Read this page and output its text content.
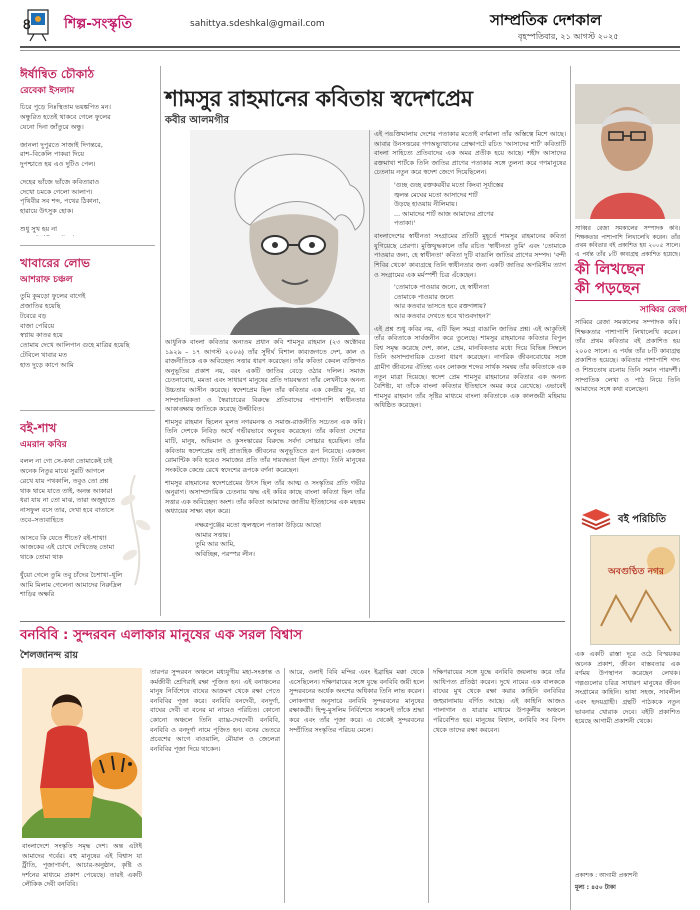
৪ শিল্প-সংস্কৃতি	sahittya.sdeshkal@gmail.com	সাম্প্রতিক দেশকাল
বৃহস্পতিবার, ২১ আগস্ট ২০২৫
ঈর্ষান্বিত চৌকাঠ
রেবেকা ইসলাম
চিরে পুড়ে নিঃস্থিতাম ভয়ঙ্কপিত মন।
অন্ধুরিত হতেই থাকবে গেলে ফুলের
যেনো দিনা জাঁতুরে অন্ধু।
জানলা দুপুরতে সাজাই দিগন্তরে,
রাশ–বিকেলি পাকরা দিয়ে
দুপশ্চাতে হয় এও দুটিও পেল।
দেহের ভাঁজে ভাঁজে কবিতারাও
দেখো চমকে গেলো আলাপ।
পৃথিবীর সব শব্দ, পথের ঠিকানা,
হারায়ে উৎসুক হোক।
শুধু সুখ হয় না
খাবারের লোভ
আশরাফ চঞ্চল
তুমি কুমড়ো ফুলের বাগেই
প্রজাতির হয়েছি
টবেরে বড়
বাজা পেরিয়ে
স্বপ্নায় কাতর হয়ে
তোমায় দেখে আলিপান গুহে মাত্রির হয়েছি
টেবিলে খাবার মত
হাত দুড়ে কাপে আমি
বই-শাখ
এমরান কবির
বলল না গো সে-কথা তোমাকেই চাই
অনেক নিতুর মাঝে সুরটি আগলে
রেখে যায় পথকালি, তবুও তো প্রশ্ন
থাক থামে যাতে তাই, অনন্ত আকার!
ধরা যায় না তো মাঝ, তারা অজুহাতে
নাসফুল বসে তার, দেখা হবে বাতাসে
তবে–সত্যবাহিতে
আসবে কি যেতে শীতে? বই-শাখা!
আজকের এই চোখে দেখিতেছ তোমা
থাকে তোমা থাক
ধুঁয়ো গেলে তুমি তবু চাঁদের চৈশাখা–ধূলি
আমি মিলাম গেলেনা আমাদের নিরুদ্রিল
শাড়ির অক্ষরি
শামসুর রাহমানের কবিতায় স্বদেশপ্রেম
কবীর আলমগীর

আধুনিক বাংলা কবিতার অন্যতম প্রধান কবি শামসুর রাহমান (২৩ অক্টোবর ১৯২৯ – ১৭ আগস্ট ২০০৬) তাঁর সুদীর্ঘ বিশাল কাব্যজগতে দেশ, কাল ও রাজনীতিকে এক অবিচ্ছেদ্য সত্তার ধারণ করেছেন। তাঁর কবিতা কেবল ব্যক্তিগত অনুভূতির প্রকাশ নয়, বরং একটি জাতির বেড়ে ওঠার দলিল। সমাজ চেতনাবোধ, মমতা এবং সাধারণ মানুষের প্রতি দায়বদ্ধতা তাঁর লেখনীকে অনন্য উচ্চতায় আসীন করেছে। স্বদেশপ্রেম ছিল তাঁর কবিতার এক কেন্দ্রীয় সুর, যা সাম্প্রদায়িকতা ও স্বৈরাচারের বিরুদ্ধে প্রতিবাদের পাশাপাশি স্বাধীনতার আকাঙ্ক্ষায় জাতিকে করেছে উজ্জীবিত।

শামসুর রাহমান ছিলেন মূলত নগরমনস্ক ও সমাজ-রাজনীতি সচেতন এক কবি। তিনি দেশকে নিবিড় অর্থে গভীরভাবে অনুভব করেছেন। তাঁর কবিতা দেশের মাটি, মানুষ, অভিমান ও কুসংস্কারের বিরুদ্ধে সর্বদা সোচ্চার হয়েছিল। তাঁর কবিতায় স্বদেশপ্রেম তাই প্রাত্যহিক জীবনের অনুভূতিতে রূপ নিয়েছে। একজন রোমান্টিক কবি হয়েও সমাজের প্রতি তাঁর দায়বদ্ধতা ছিল প্রগাঢ়। তিনি মানুষের সংকটকে কেন্দ্রে রেখে স্বদেশের রূপকে বর্ণনা করেছেন।

শামসুর রাহমানের স্বদেশপ্রেমের উৎস ছিল তাঁর আত্ম ও সংস্কৃতির প্রতি গভীর অনুরাগ। অসাম্প্রদায়িক চেতনায় ঋদ্ধ এই কবির কাছে বাংলা কবিতা ছিল তাঁর সত্তার এক অবিচ্ছেদ্য অংশ। তাঁর কবিতা আমাদের জাতীয় ইতিহাসের এক মহত্তম অধ্যায়ের সাক্ষ্য বহন করে।

নক্ষত্রপুঞ্জের মতো জ্বলজ্বলে পতাকা উড়িয়ে আছো
আমার সত্তায়।
তুমি আর আমি,
অবিচ্ছিন্ন, পরস্পর লীন।

এই পঙক্তিমালায় দেশের পতাকার মতোই বর্ণমালা তাঁর অস্তিত্বে মিশে আছে। আবার উনসত্তরের গণঅভ্যুত্থানের প্রেক্ষাপটে রচিত 'আসাদের শার্ট' কবিতাটি বাংলা সাহিত্যে প্রতিবাদের এক অমর প্রতীক হয়ে আছে। শহীদ আসাদের রক্তমাখা শার্টকে তিনি জাতির প্রাণের পতাকার সঙ্গে তুলনা করে গণমানুষের চেতনায় নতুন করে স্বদেশ জেগে দিয়েছিলেন।

'গুচ্ছ গুচ্ছ রক্তকরবীর মতো কিংবা সূর্যাস্তের
জ্বলন্ত মেঘের মতো আসাদের শার্ট
উড়ছে হাওয়ায় নীলিমায়।
... আমাদের শার্ট আজ আমাদের প্রাণের
পতাকা।'

বাংলাদেশের স্বাধীনতা সংগ্রামের প্রতিটি মুহূর্তে শামসুর রাহমানের কবিতা যুগিয়েছে প্রেরণা। মুক্তিযুদ্ধকালে তাঁর রচিত 'স্বাধীনতা তুমি' এবং 'তোমাকে পাওয়ার জন্য, হে স্বাধীনতা' কবিতা দুটি বাঙালি জাতির প্রাণের সম্পদ। 'বন্দী শিবির থেকে' কাব্যগ্রন্থে তিনি স্বাধীনতার জন্য একটি জাতির অপরিসীম ত্যাগ ও সংগ্রামের এক মর্মস্পর্শী চিত্র এঁকেছেন।

'তোমাকে পাওয়ার জন্যে, হে স্বাধীনতা
তোমাকে পাওয়ার জন্যে
আর কতবার ভাসতে হবে রক্তগঙ্গায়?
আর কতবার দেখতে হবে খাণ্ডবদাহন?'

এই প্রশ্ন শুধু কবির নয়, এটি ছিল সমগ্র বাঙালি জাতির প্রশ্ন। এই আকুতিই তাঁর কবিতাকে সার্বজনীন করে তুলেছে। শামসুর রাহমানের কবিতার বিপুল বিশ্ব সমৃদ্ধ করেছে দেশ, কাল, প্রেম, মানবিকতার মধ্যে দিয়ে বিভিন্ন সিম্বলে তিনি অসাম্প্রদায়িক চেতনা ধারণ করেছেন। নাগরিক জীবনবোধের সঙ্গে গ্রামীণ জীবনের ঐতিহ্য এবং লোকজ শব্দের সার্থক সমন্বয় তাঁর কবিতাকে এক নতুন মাত্রা দিয়েছে। স্বদেশ প্রেম শামসুর রাহমানের কবিতার এক অনন্য বৈশিষ্ট্য, যা তাঁকে বাংলা কবিতার ইতিহাসে অমর করে রেখেছে। এভাবেই শামসুর রাহমান তাঁর সৃষ্টির মাধ্যমে বাংলা কবিতাকে এক কালজয়ী মহিমায় অধিষ্ঠিত করেছেন।

সাব্বির রেজা সমকালের সম্পাদক কবি। শিক্ষকতার পাশাপাশি লিখালেখি করেন। তাঁর প্রথম কবিতার বই প্রকাশিত হয় ২০০৫ সালে। এ পর্যন্ত তাঁর ৮টি কাব্যগ্রন্থ প্রকাশিত হয়েছে।
কী লিখছেন
কী পড়ছেন
সাব্বির রেজা
সাব্বির রেজা সমকালের সম্পাদক কবি। শিক্ষকতার পাশাপাশি লিখালেখি করেন। তাঁর প্রথম কবিতার বই প্রকাশিত হয় ২০০৫ সালে। এ পর্যন্ত তাঁর ৮টি কাব্যগ্রন্থ প্রকাশিত হয়েছে। কবিতার পাশাপাশি গদ্য ও শিশুতোষ রচনায় তিনি সমান পারদর্শী। সাম্প্রতিক লেখা ও পাঠ নিয়ে তিনি আমাদের সঙ্গে কথা বলেছেন।
বই পরিচিতি
অবগুণ্ঠিত নগর
এক একটি রাস্তা দূরে ওঠে বিস্ময়কর অনেক প্রকাশ, জীবন বাস্তবতার এক বর্ণময় উপস্থাপন করেছেন লেখক। গল্পগুলোর চরিত্র সাধারণ মানুষের জীবন সংগ্রামের কাহিনি। ভাষা সহজ, সাবলীল এবং হৃদয়গ্রাহী। গ্রন্থটি পাঠককে নতুন ভাবনার খোরাক দেবে। বইটি প্রকাশিত হয়েছে আগামী প্রকাশনী থেকে।
প্রকাশক : আগামী প্রকাশনী
মূল্য : ৪৫০ টাকা
বনবিবি : সুন্দরবন এলাকার মানুষের এক সরল বিশ্বাস
শৈলজানন্দ রায়
বাংলাদেশে সংস্কৃতি সমৃদ্ধ দেশ। অন্ত এটাই আমাদের গর্বের। বহু মানুষের এই বিশ্বাস যা ট্রীতি, পূজাপার্বণ, আচার-অনুষ্ঠান, কৃষ্টি ও দর্শনের মাধ্যমে প্রকাশ পেয়েছে। তারই একটি লৌকিক দেবী বনবিবি।
তারপর সুন্দরবন অঞ্চলে মধ্যযুগীয় মহা-সংক্রান্ত ও কর্মজীবী শ্রেণিরাই রক্ষা পূজিত হন। এই বনাঞ্চলের মানুষ নির্বিশেষে বাঘের আক্রমণ থেকে রক্ষা পেতে বনবিবির পূজা করে। বনবিবি বনদেবী, বনদুর্গা, বাঘের দেবী বা বনের মা নামেও পরিচিত। কোনো কোনো অঞ্চলে তিনি ব্যাঘ্র-দেবদেবী বনবিবি, বনবিবি ও বনদুর্গা নামে পূজিত হন। বনের ভেতরে প্রবেশের আগে বাওয়ালি, মৌয়াল ও জেলেরা বনবিবির পূজা দিয়ে থাকেন।
আরে, ওলাই বিবি মন্দির এবং ইব্রাহিম মক্কা থেকে এসেছিলেন। দক্ষিণরায়ের সঙ্গে যুদ্ধে বনবিবি জয়ী হলে সুন্দরবনের অর্ধেক অংশের অধিকার তিনি লাভ করেন। লোকগাথা অনুসারে বনবিবি সুন্দরবনের মানুষের রক্ষাকর্ত্রী। হিন্দু-মুসলিম নির্বিশেষে সকলেই তাঁকে শ্রদ্ধা করে এবং তাঁর পূজা করে। এ থেকেই সুন্দরবনের সম্প্রীতির সংস্কৃতির পরিচয় মেলে।
দক্ষিণরায়ের সঙ্গে যুদ্ধে বনবিবি জয়লাভ করে তাঁর আধিপত্য প্রতিষ্ঠা করেন। দুখে নামের এক বালককে বাঘের মুখ থেকে রক্ষা করার কাহিনি বনবিবির জহুরানামায় বর্ণিত আছে। এই কাহিনি আজও পালাগান ও যাত্রার মাধ্যমে উপকূলীয় অঞ্চলে পরিবেশিত হয়। মানুষের বিশ্বাস, বনবিবি সব বিপদ থেকে তাদের রক্ষা করবেন।
